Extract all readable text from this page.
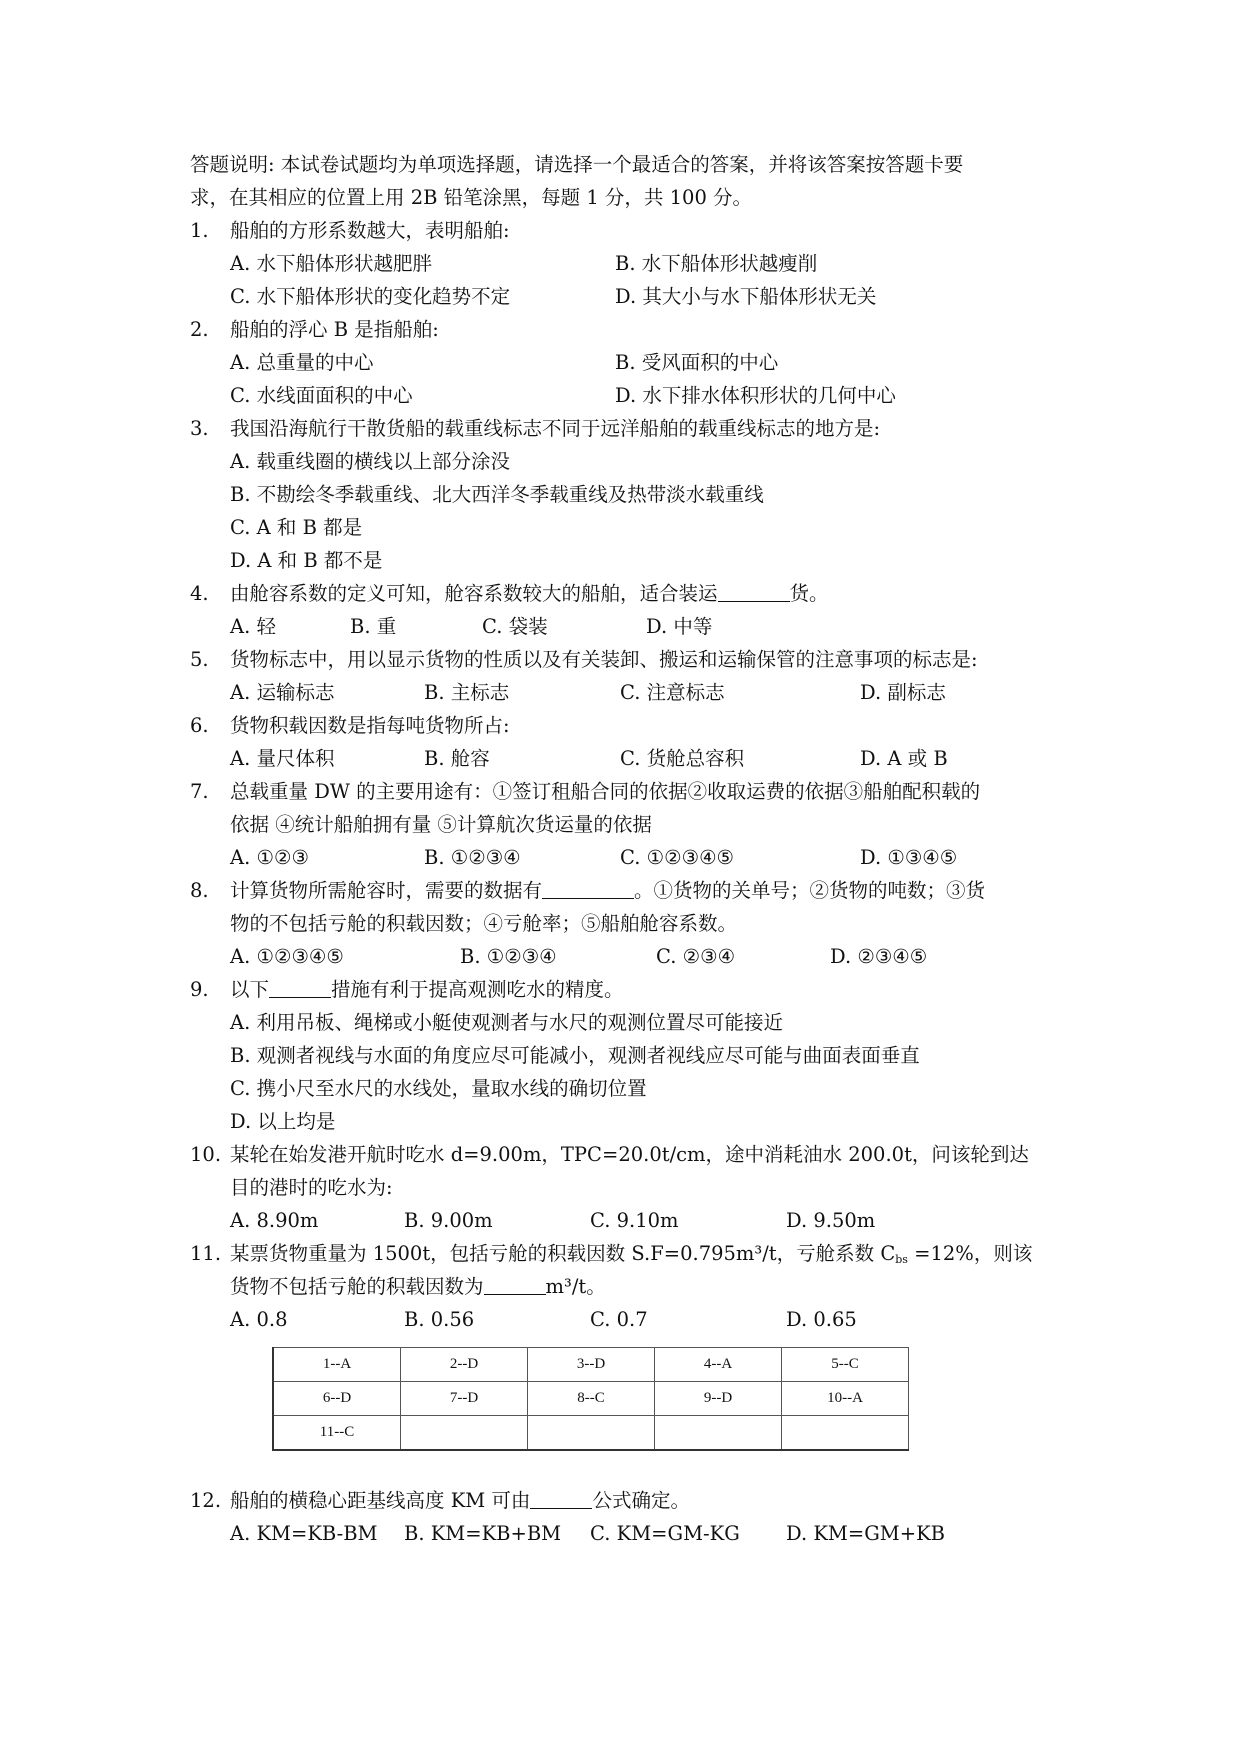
答题说明: 本试卷试题均为单项选择题，请选择一个最适合的答案，并将该答案按答题卡要
求，在其相应的位置上用 2B 铅笔涂黑，每题 1 分，共 100 分。
1. 船舶的方形系数越大，表明船舶:
A. 水下船体形状越肥胖	B. 水下船体形状越瘦削
C. 水下船体形状的变化趋势不定	D. 其大小与水下船体形状无关
2. 船舶的浮心 B 是指船舶:
A. 总重量的中心	B. 受风面积的中心
C. 水线面面积的中心	D. 水下排水体积形状的几何中心
3. 我国沿海航行干散货船的载重线标志不同于远洋船舶的载重线标志的地方是:
A. 载重线圈的横线以上部分涂没
B. 不勘绘冬季载重线、北大西洋冬季载重线及热带淡水载重线
C. A 和 B 都是
D. A 和 B 都不是
4. 由舱容系数的定义可知，舱容系数较大的船舶，适合装运	货。
A. 轻	B. 重	C. 袋装	D. 中等
5. 货物标志中，用以显示货物的性质以及有关装卸、搬运和运输保管的注意事项的标志是:
A. 运输标志	B. 主标志	C. 注意标志	D. 副标志
6. 货物积载因数是指每吨货物所占:
A. 量尺体积	B. 舱容	C. 货舱总容积	D. A 或 B
7. 总载重量 DW 的主要用途有：①签订租船合同的依据②收取运费的依据③船舶配积载的
依据 ④统计船舶拥有量 ⑤计算航次货运量的依据
A. ①②③	B. ①②③④	C. ①②③④⑤	D. ①③④⑤
8. 计算货物所需舱容时，需要的数据有	。①货物的关单号；②货物的吨数；③货
物的不包括亏舱的积载因数；④亏舱率；⑤船舶舱容系数。
A. ①②③④⑤	B. ①②③④	C. ②③④	D. ②③④⑤
9. 以下	措施有利于提高观测吃水的精度。
A. 利用吊板、绳梯或小艇使观测者与水尺的观测位置尽可能接近
B. 观测者视线与水面的角度应尽可能减小，观测者视线应尽可能与曲面表面垂直
C. 携小尺至水尺的水线处，量取水线的确切位置
D. 以上均是
10. 某轮在始发港开航时吃水 d=9.00m，TPC=20.0t/cm，途中消耗油水 200.0t，问该轮到达
目的港时的吃水为:
A. 8.90m	B. 9.00m	C. 9.10m	D. 9.50m
11. 某票货物重量为 1500t，包括亏舱的积载因数 S.F=0.795m³/t，亏舱系数 $C_{bs} =12\%$，则该
货物不包括亏舱的积载因数为	m³/t。
A. 0.8	B. 0.56	C. 0.7	D. 0.65
1--A	2--D	3--D	4--A	5--C
6--D	7--D	8--C	9--D	10--A
11--C				
12. 船舶的横稳心距基线高度 KM 可由	公式确定。
A. KM=KB-BM B. KM=KB+BM C. KM=GM-KG D. KM=GM+KB
